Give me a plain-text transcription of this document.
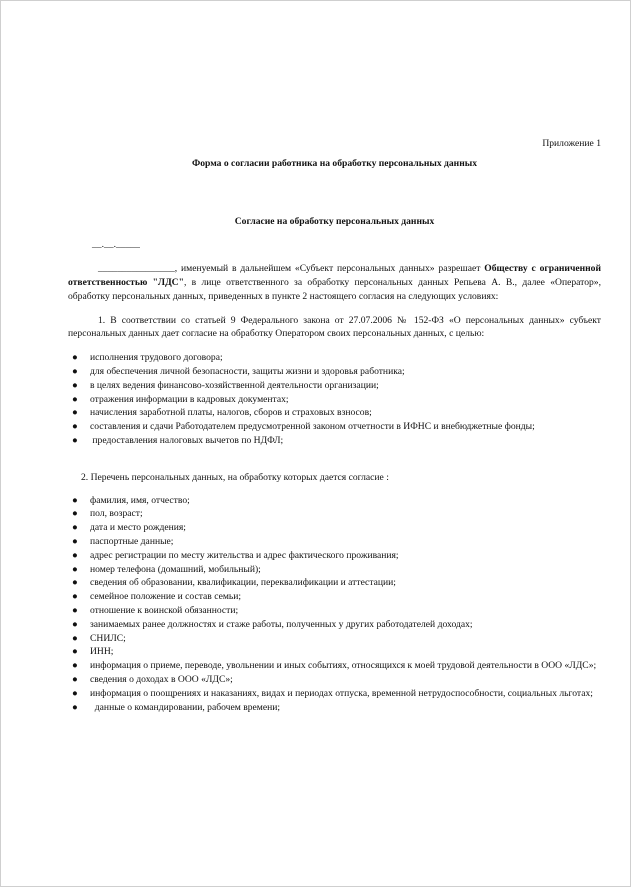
Приложение 1

Форма о согласии работника на обработку персональных данных

Согласие на обработку персональных данных

__.__._____

________________, именуемый в дальнейшем «Субъект персональных данных» разрешает Обществу с ограниченной ответственностью "ЛДС", в лице ответственного за обработку персональных данных Репьева А. В., далее «Оператор», обработку персональных данных, приведенных в пункте 2 настоящего согласия на следующих условиях:

1. В соответствии со статьей 9 Федерального закона от 27.07.2006 № 152-ФЗ «О персональных данных» субъект персональных данных дает согласие на обработку Оператором своих персональных данных, с целью:

● исполнения трудового договора;

● для обеспечения личной безопасности, защиты жизни и здоровья работника;

● в целях ведения финансово-хозяйственной деятельности организации;

● отражения информации в кадровых документах;

● начисления заработной платы, налогов, сборов и страховых взносов;

● составления и сдачи Работодателем предусмотренной законом отчетности в ИФНС и внебюджетные фонды;

● предоставления налоговых вычетов по НДФЛ;

2. Перечень персональных данных, на обработку которых дается согласие :

● фамилия, имя, отчество;

● пол, возраст;

● дата и место рождения;

● паспортные данные;

● адрес регистрации по месту жительства и адрес фактического проживания;

● номер телефона (домашний, мобильный);

● сведения об образовании, квалификации, переквалификации и аттестации;

● семейное положение и состав семьи;

● отношение к воинской обязанности;

● занимаемых ранее должностях и стаже работы, полученных у других работодателей доходах;

● СНИЛС;

● ИНН;

● информация о приеме, переводе, увольнении и иных событиях, относящихся к моей трудовой деятельности в ООО «ЛДС»;

● сведения о доходах в ООО «ЛДС»;

● информация о поощрениях и наказаниях, видах и периодах отпуска, временной нетрудоспособности, социальных льготах;

● данные о командировании, рабочем времени;
